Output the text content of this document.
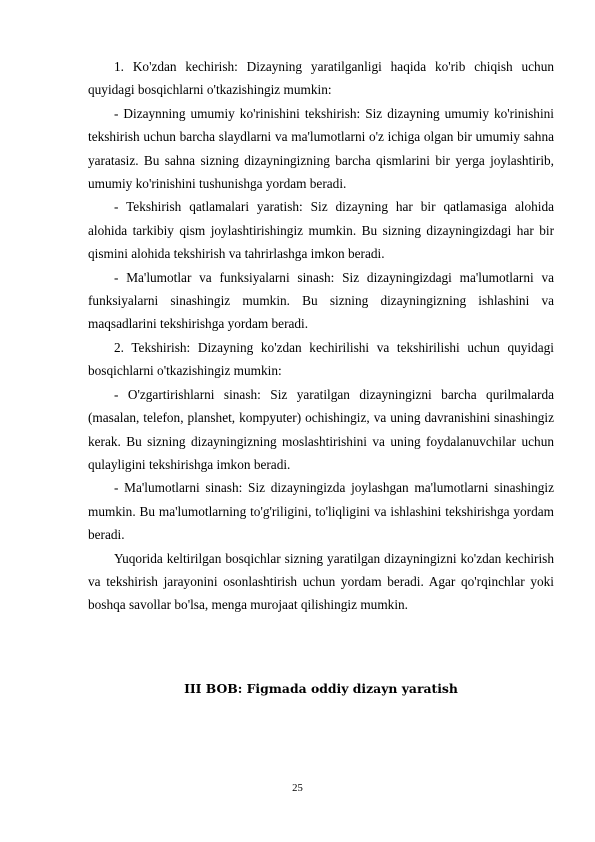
1. Ko'zdan kechirish: Dizayning yaratilganligi haqida ko'rib chiqish uchun quyidagi bosqichlarni o'tkazishingiz mumkin:

- Dizaynning umumiy ko'rinishini tekshirish: Siz dizayning umumiy ko'rinishini tekshirish uchun barcha slaydlarni va ma'lumotlarni o'z ichiga olgan bir umumiy sahna yaratasiz. Bu sahna sizning dizayningizning barcha qismlarini bir yerga joylashtirib, umumiy ko'rinishini tushunishga yordam beradi.

- Tekshirish qatlamalari yaratish: Siz dizayning har bir qatlamasiga alohida alohida tarkibiy qism joylashtirishingiz mumkin. Bu sizning dizayningizdagi har bir qismini alohida tekshirish va tahrirlashga imkon beradi.

- Ma'lumotlar va funksiyalarni sinash: Siz dizayningizdagi ma'lumotlarni va funksiyalarni sinashingiz mumkin. Bu sizning dizayningizning ishlashini va maqsadlarini tekshirishga yordam beradi.

2. Tekshirish: Dizayning ko'zdan kechirilishi va tekshirilishi uchun quyidagi bosqichlarni o'tkazishingiz mumkin:

- O'zgartirishlarni sinash: Siz yaratilgan dizayningizni barcha qurilmalarda (masalan, telefon, planshet, kompyuter) ochishingiz, va uning davranishini sinashingiz kerak. Bu sizning dizayningizning moslashtirishini va uning foydalanuvchilar uchun qulayligini tekshirishga imkon beradi.

- Ma'lumotlarni sinash: Siz dizayningizda joylashgan ma'lumotlarni sinashingiz mumkin. Bu ma'lumotlarning to'g'riligini, to'liqligini va ishlashini tekshirishga yordam beradi.

Yuqorida keltirilgan bosqichlar sizning yaratilgan dizayningizni ko'zdan kechirish va tekshirish jarayonini osonlashtirish uchun yordam beradi. Agar qo'rqinchlar yoki boshqa savollar bo'lsa, menga murojaat qilishingiz mumkin.

III BOB: Figmada oddiy dizayn yaratish
25
